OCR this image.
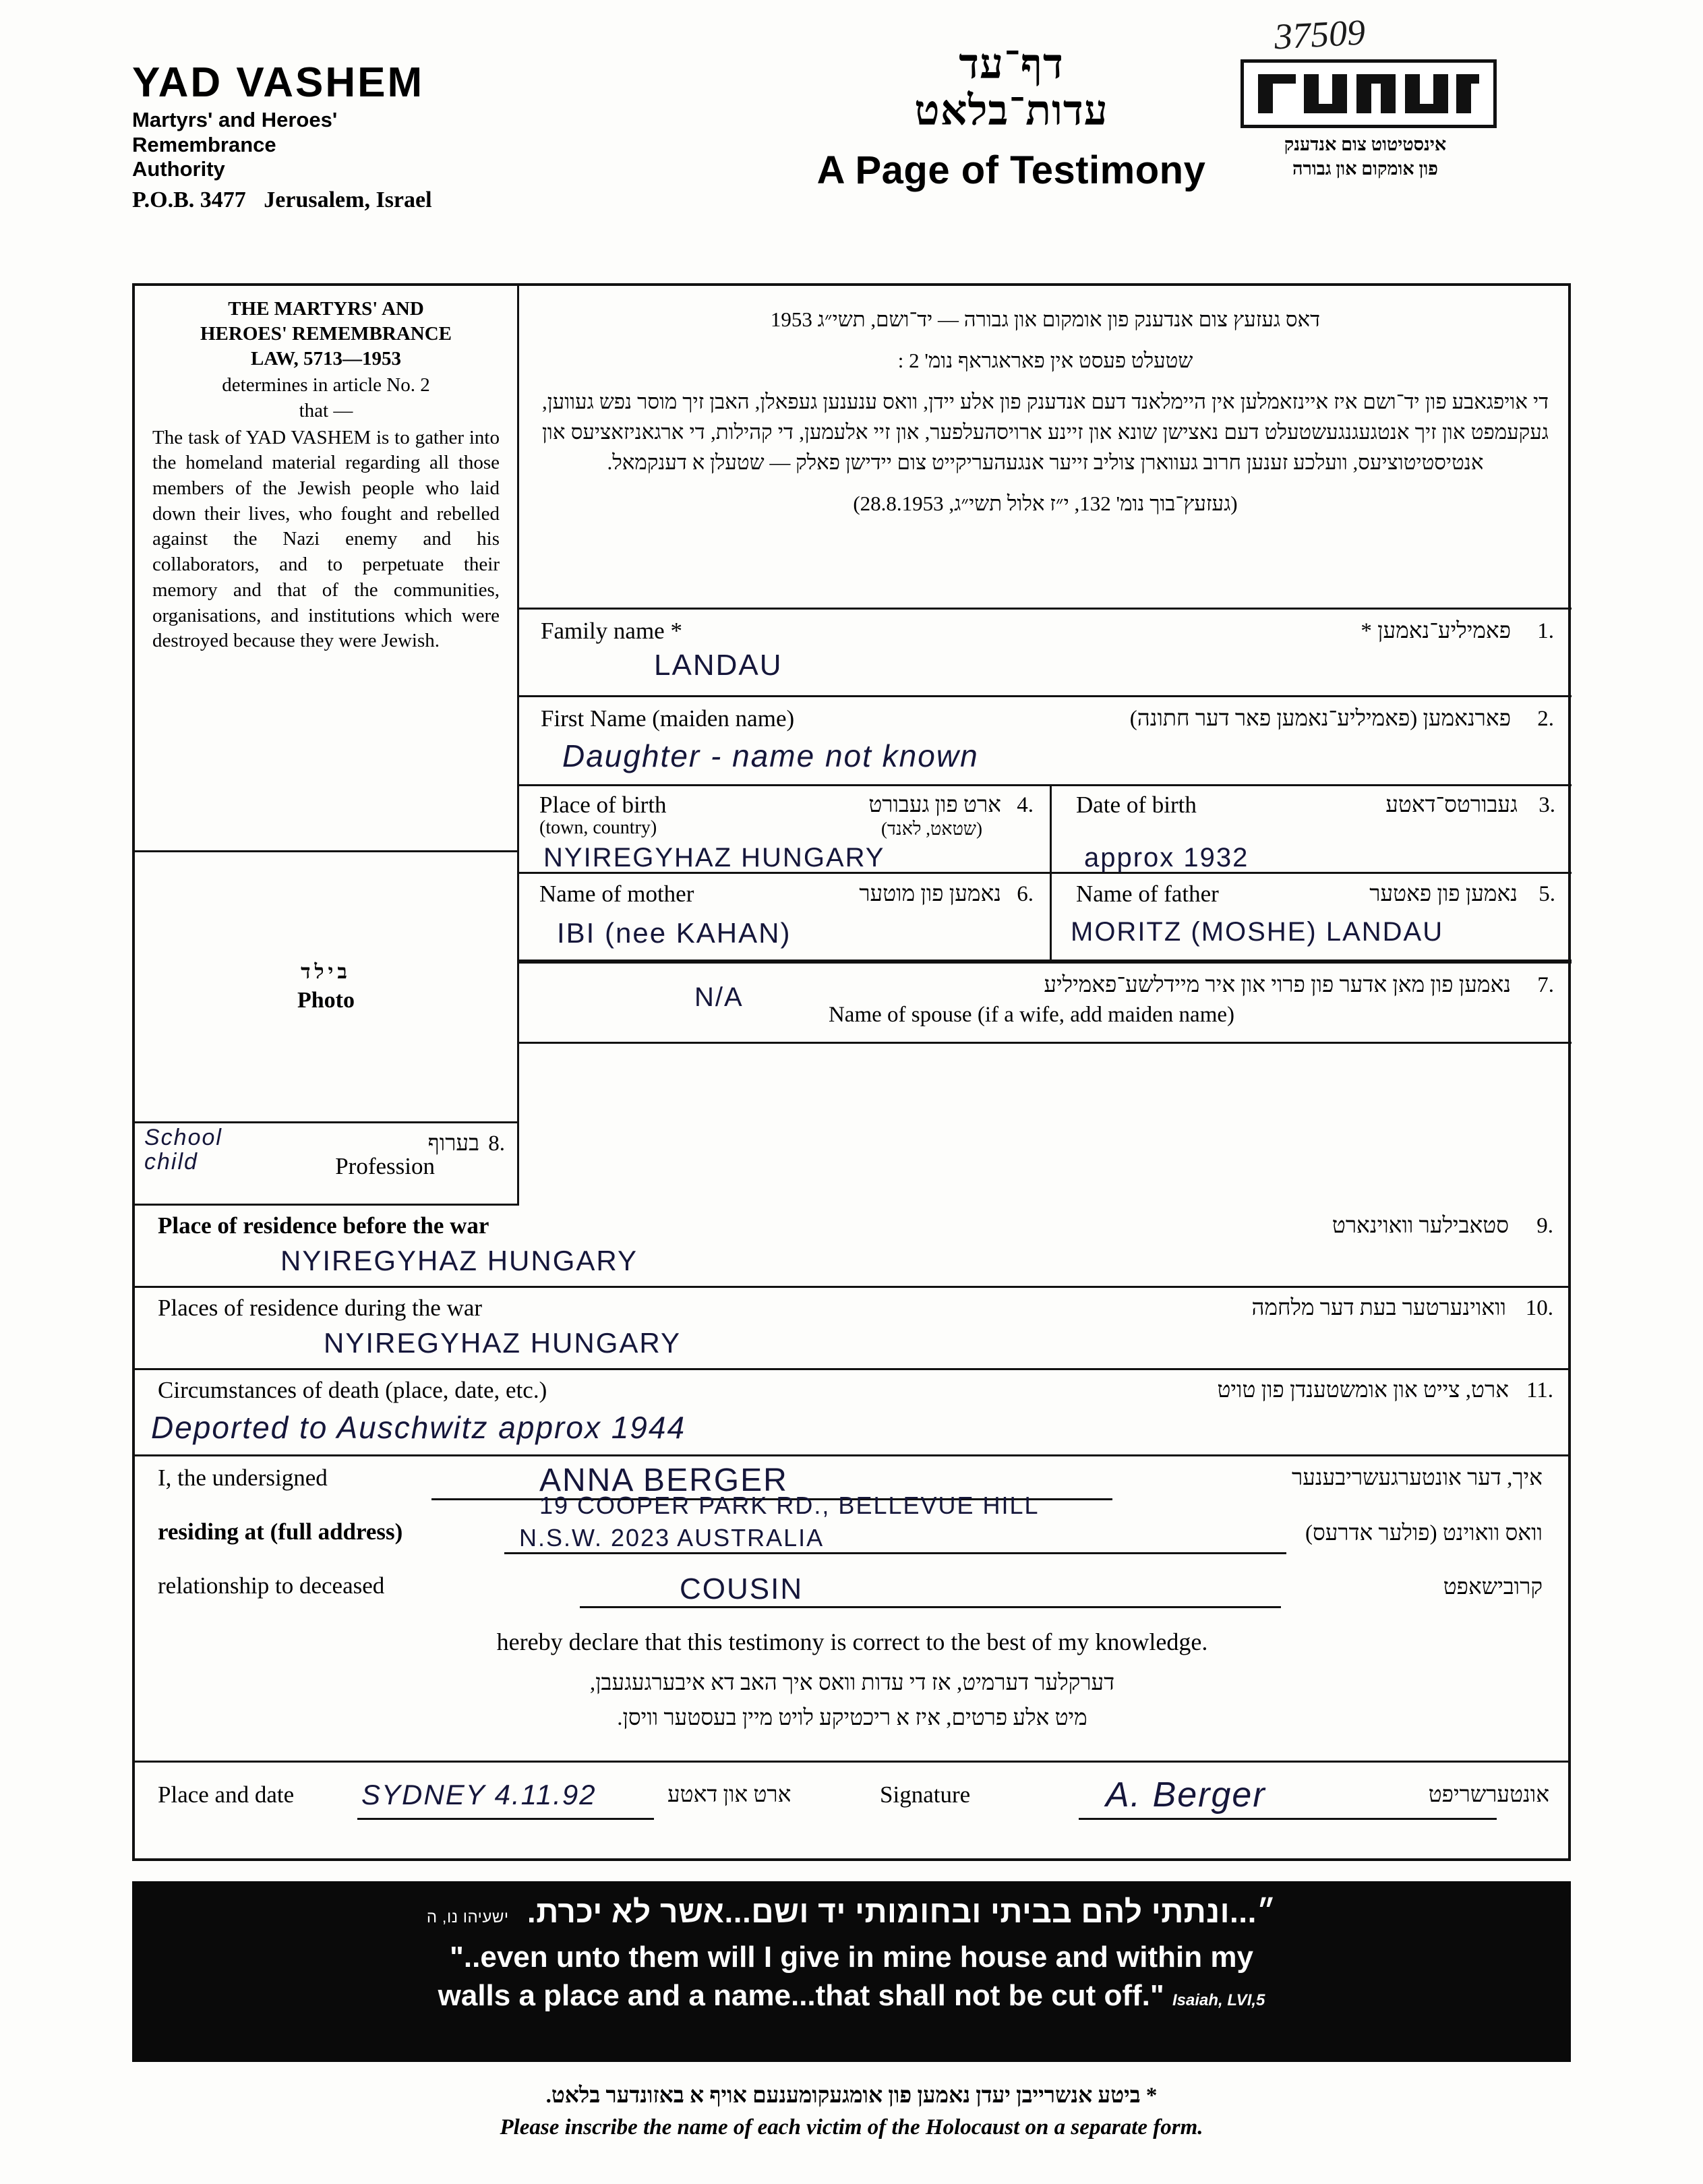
YAD VASHEM
Martyrs' and Heroes'
Remembrance
Authority
P.O.B. 3477 Jerusalem, Israel
דף־עד
עדות־בלאט
A Page of Testimony
אינסטיטוט צום אנדענק
פון אומקום און גבורה
37509
THE MARTYRS' AND
HEROES' REMEMBRANCE
LAW, 5713—1953
determines in article No. 2
that —
The task of YAD VASHEM is to gather into the homeland material regarding all those members of the Jewish people who laid down their lives, who fought and rebelled against the Nazi enemy and his collaborators, and to perpetuate their memory and that of the communities, organisations, and institutions which were destroyed because they were Jewish.
בילד
Photo

דאס געזעץ צום אנדענק פון אומקום און גבורה — יד־ושם, תשי״ג 1953

שטעלט פעסט אין פאראגראף נומ' 2 :

די אויפגאבע פון יד־ושם איז איינזאמלען אין היימלאנד דעם אנדענק פון אלע יידן, וואס ענענען געפאלן, האבן זיך מוסר נפש געווען, געקעמפט און זיך אנטגעגנגעשטעלט דעם נאצישן שונא און זיינע ארויסהעלפער, און זיי אלעמען, די קהילות, די ארגאניזאציעס און אנטיסטיטוציעס, וועלכע זענען חרוב געווארן צוליב זייער אנגעהעריקייט צום יידישן פאלק — שטעלן א דענקמאל.

(געזעץ־בוך נומ' 132, י״ז אלול תשי״ג, 28.8.1953)

Family name *	פאמיליע־נאמען * 1.
LANDAU
First Name (maiden name)	פארנאמען (פאמיליע־נאמען פאר דער חתונה) 2.
Daughter - name not known
Place of birth
(town, country)
ארט פון געבורט
(שטאט, לאנד)
4.
NYIREGYHAZ HUNGARY
Date of birth	געבורטס־דאטע 3.
approx 1932
Name of mother	נאמען פון מוטער 6.
IBI (nee KAHAN)
Name of father	נאמען פון פאטער 5.
MORITZ (MOSHE) LANDAU
Profession
בערוף 8.
School child
נאמען פון מאן אדער פון פרוי און איר מיידלשע־פאמיליע 7.
Name of spouse (if a wife, add maiden name)
N/A
Place of residence before the war	סטאבילער וואוינארט 9.
NYIREGYHAZ HUNGARY
Places of residence during the war	וואוינערטער בעת דער מלחמה 10.
NYIREGYHAZ HUNGARY
Circumstances of death (place, date, etc.)	ארט, צייט און אומשטענדן פון טויט 11.
Deported to Auschwitz approx 1944
I, the undersigned	ANNA BERGER	איך, דער אונטערגעשריבענער
residing at (full address)
19 COOPER PARK RD., BELLEVUE HILL
N.S.W. 2023 AUSTRALIA	וואס וואוינט (פולער אדרעס)
relationship to deceased	COUSIN	קרובישאפט
hereby declare that this testimony is correct to the best of my knowledge.
דערקלער דערמיט, אז די עדות וואס איך האב דא איבערגעגעבן,
מיט אלע פרטים, איז א ריכטיקע לויט מיין בעסטער וויסן.
Place and date SYDNEY 4.11.92	ארט און דאטע	Signature	A. Berger	אונטערשריפט
״...ונתתי להם בביתי ובחומותי יד ושם...אשר לא יכרת. ישעיהו נו, ה
"..even unto them will I give in mine house and within my
walls a place and a name...that shall not be cut off." Isaiah, LVI,5
* ביטע אנשרייבן יעדן נאמען פון אומגעקומענעם אויף א באזונדער בלאט.
Please inscribe the name of each victim of the Holocaust on a separate form.
